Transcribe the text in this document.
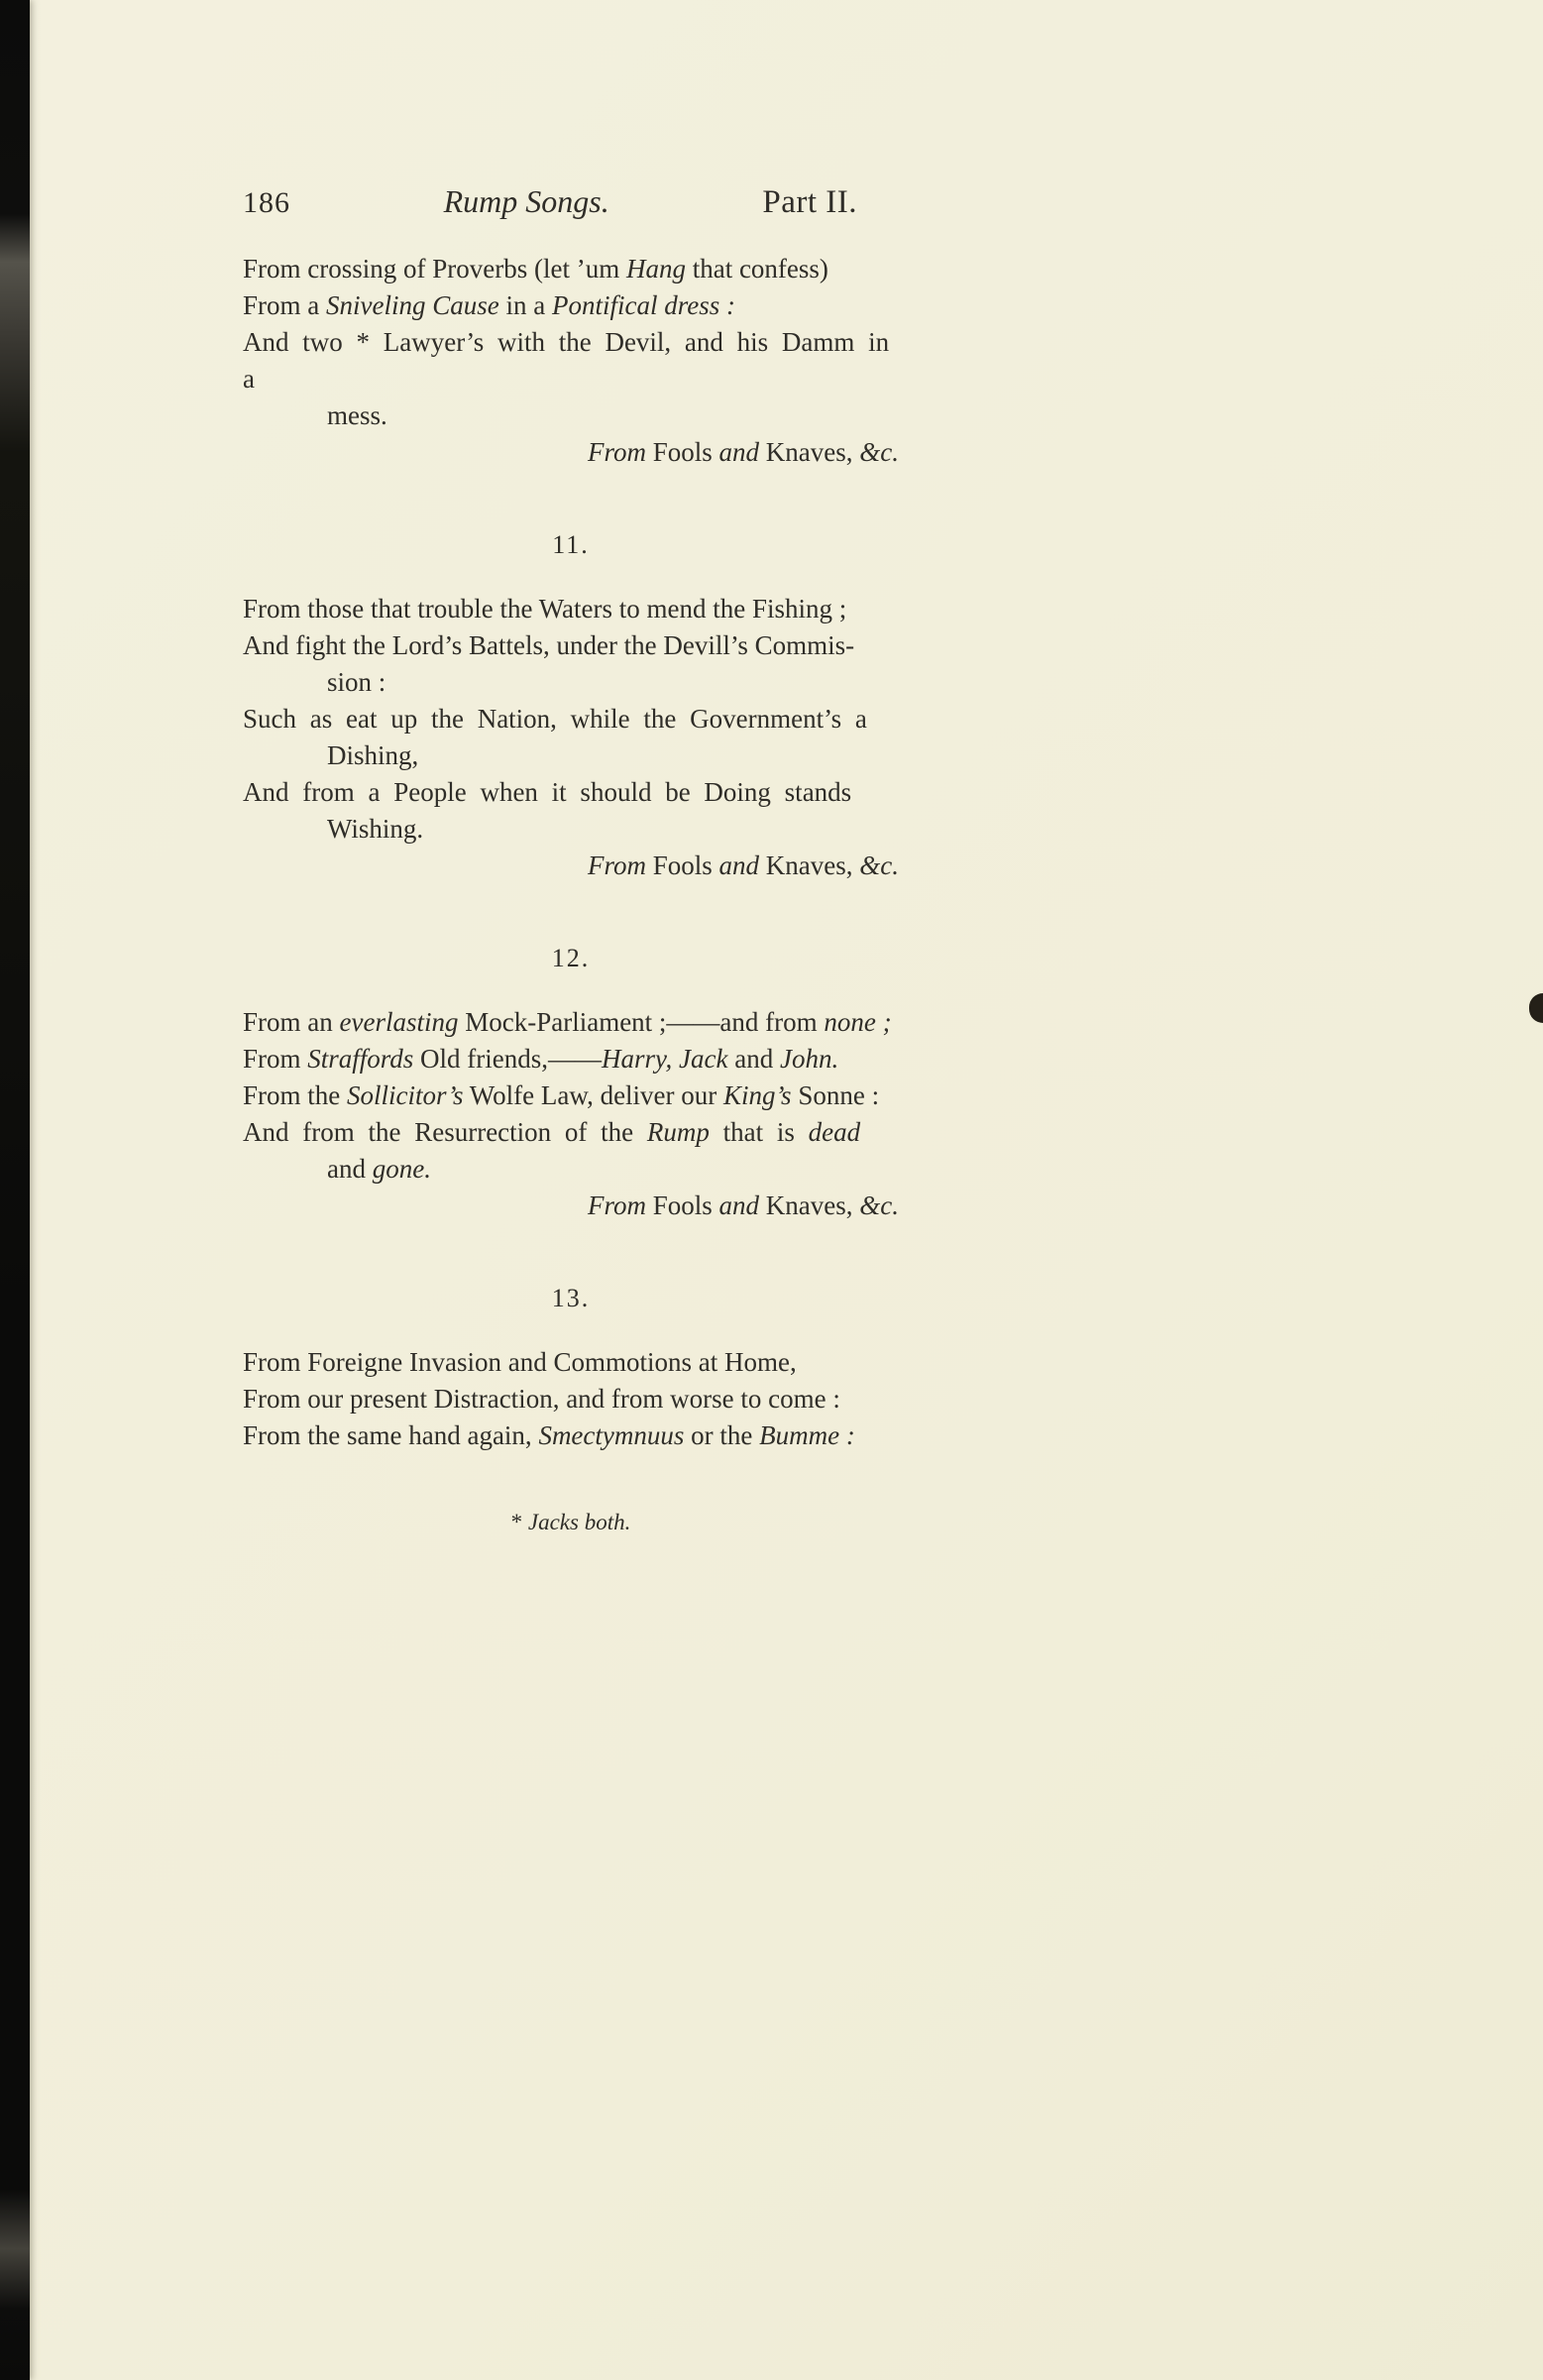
186	Rump Songs.	Part II.
From crossing of Proverbs (let ’um Hang that confess)
From a Sniveling Cause in a Pontifical dress :
And two * Lawyer’s with the Devil, and his Damm in a
mess.
From Fools and Knaves, &c.
11.
From those that trouble the Waters to mend the Fishing ;
And fight the Lord’s Battels, under the Devill’s Commis-
sion :
Such as eat up the Nation, while the Government’s a
Dishing,
And from a People when it should be Doing stands
Wishing.
From Fools and Knaves, &c.
12.
From an everlasting Mock-Parliament ;——and from none ;
From Straffords Old friends,——Harry, Jack and John.
From the Sollicitor’s Wolfe Law, deliver our King’s Sonne :
And from the Resurrection of the Rump that is dead
and gone.
From Fools and Knaves, &c.
13.
From Foreigne Invasion and Commotions at Home,
From our present Distraction, and from worse to come :
From the same hand again, Smectymnuus or the Bumme :
* Jacks both.
